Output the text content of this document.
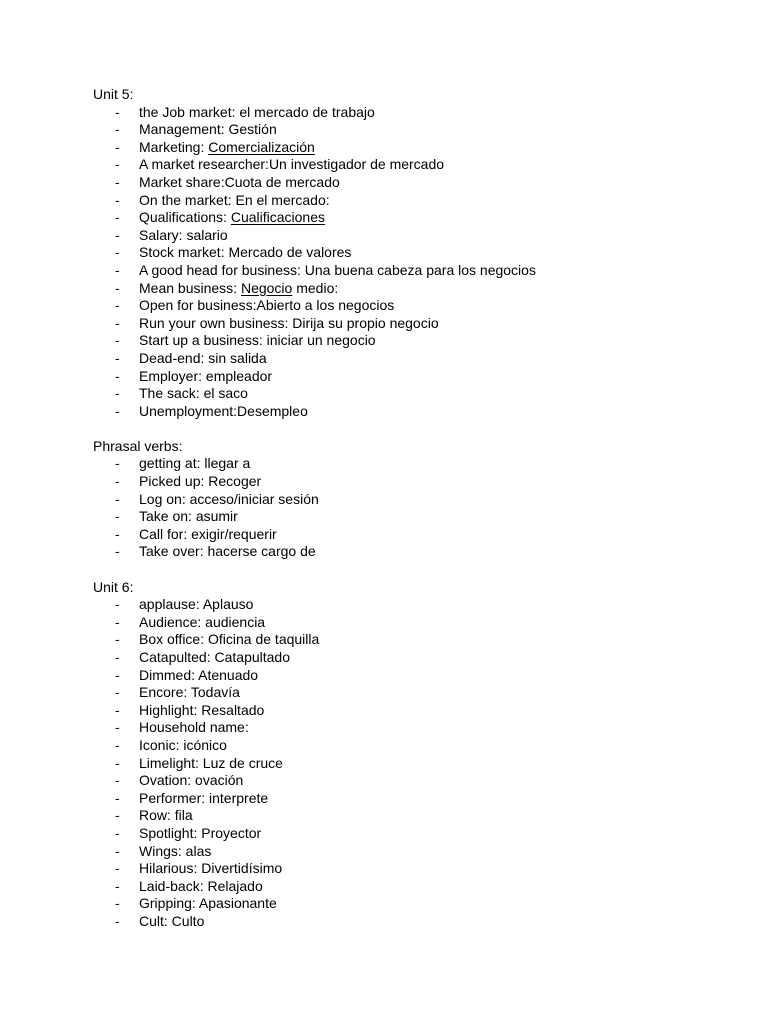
Unit 5:
- the Job market: el mercado de trabajo
- Management: Gestión
- Marketing: Comercialización
- A market researcher:Un investigador de mercado
- Market share:Cuota de mercado
- On the market: En el mercado:
- Qualifications: Cualificaciones
- Salary: salario
- Stock market: Mercado de valores
- A good head for business: Una buena cabeza para los negocios
- Mean business: Negocio medio:
- Open for business:Abierto a los negocios
- Run your own business: Dirija su propio negocio
- Start up a business: iniciar un negocio
- Dead-end: sin salida
- Employer: empleador
- The sack: el saco
- Unemployment:Desempleo
Phrasal verbs:
- getting at: llegar a
- Picked up: Recoger
- Log on: acceso/iniciar sesión
- Take on: asumir
- Call for: exigir/requerir
- Take over: hacerse cargo de
Unit 6:
- applause: Aplauso
- Audience: audiencia
- Box office: Oficina de taquilla
- Catapulted: Catapultado
- Dimmed: Atenuado
- Encore: Todavía
- Highlight: Resaltado
- Household name:
- Iconic: icónico
- Limelight: Luz de cruce
- Ovation: ovación
- Performer: interprete
- Row: fila
- Spotlight: Proyector
- Wings: alas
- Hilarious: Divertidísimo
- Laid-back: Relajado
- Gripping: Apasionante
- Cult: Culto
